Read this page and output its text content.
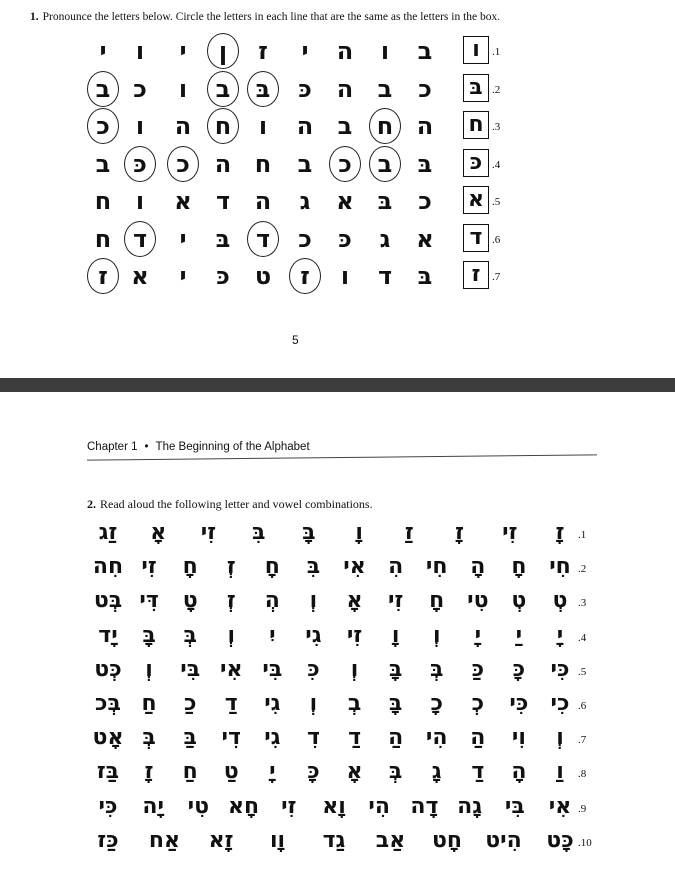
1. Pronounce the letters below. Circle the letters in each line that are the same as the letters in the box.
ו	.1
ב
ו
ה
י
ז
ן
י
ו
י
בּ .2
כ
ב
ה
כּ
בּ
ב
ו
כ
ב
ח .3
ה
ח
ב
ה
ו
ח
ה
ו
כ
כּ .4
בּ
ב
כ
ב
ח
ה
כ
כּ
ב
א .5
כ
בּ
א
ג
ה
ד
א
ו
ח
ד .6
א
ג
כּ
כ
ד
בּ
י
ד
ח
ז	.7
בּ
ד
ו
ז
ט
כּ
י
א
ז
5
Chapter 1 • The Beginning of the Alphabet
2. Read aloud the following letter and vowel combinations.
.1
זָ
זִי
זָ
זַ
וָ
בָּ
בִּ
זִי
אָ
זַג
.2
חִי
חָ
הָ
חִי
הִ
אִי
בִּ
חָ
זְ
חָ
זִי
חִה
.3
טְ
טְ
טִי
חָ
זִי
אָ
וְ
הְ
זְ
טָ
דִּי
בְּט
.4
יָ
יַ
יָ
וְ
וָ
זִי
גִי
יִ
וְ
בְּ
בָּ
יָד
.5
כִּי
כָּ
כַּ
בְּ
בָּ
וְ
כִּ
בִּי
אִי
בִּי
וְ
כְּט
.6
כִי
כִּי
כְ
כָ
בָּ
בְ
וְ
גִי
דַ
כַ
חַ
בְּכ
.7
וְ
וִי
הַ
הִי
הַ
דַ
דִ
גִי
דִי
בַּ
בְּ
אָט
.8
וַ
הָ
דַ
גָ
בְּ
אָ
כָּ
יָ
טַ
חַ
זָ
בַּז
.9
אִי
בִּי
גָה
דָה
הִי
וָא
זִי
חָא
טִי
יָה
כִּי
.10
כָּט
הִיט
חָט
אַב
גַד
וָו
זָא
אַח
כַּז
